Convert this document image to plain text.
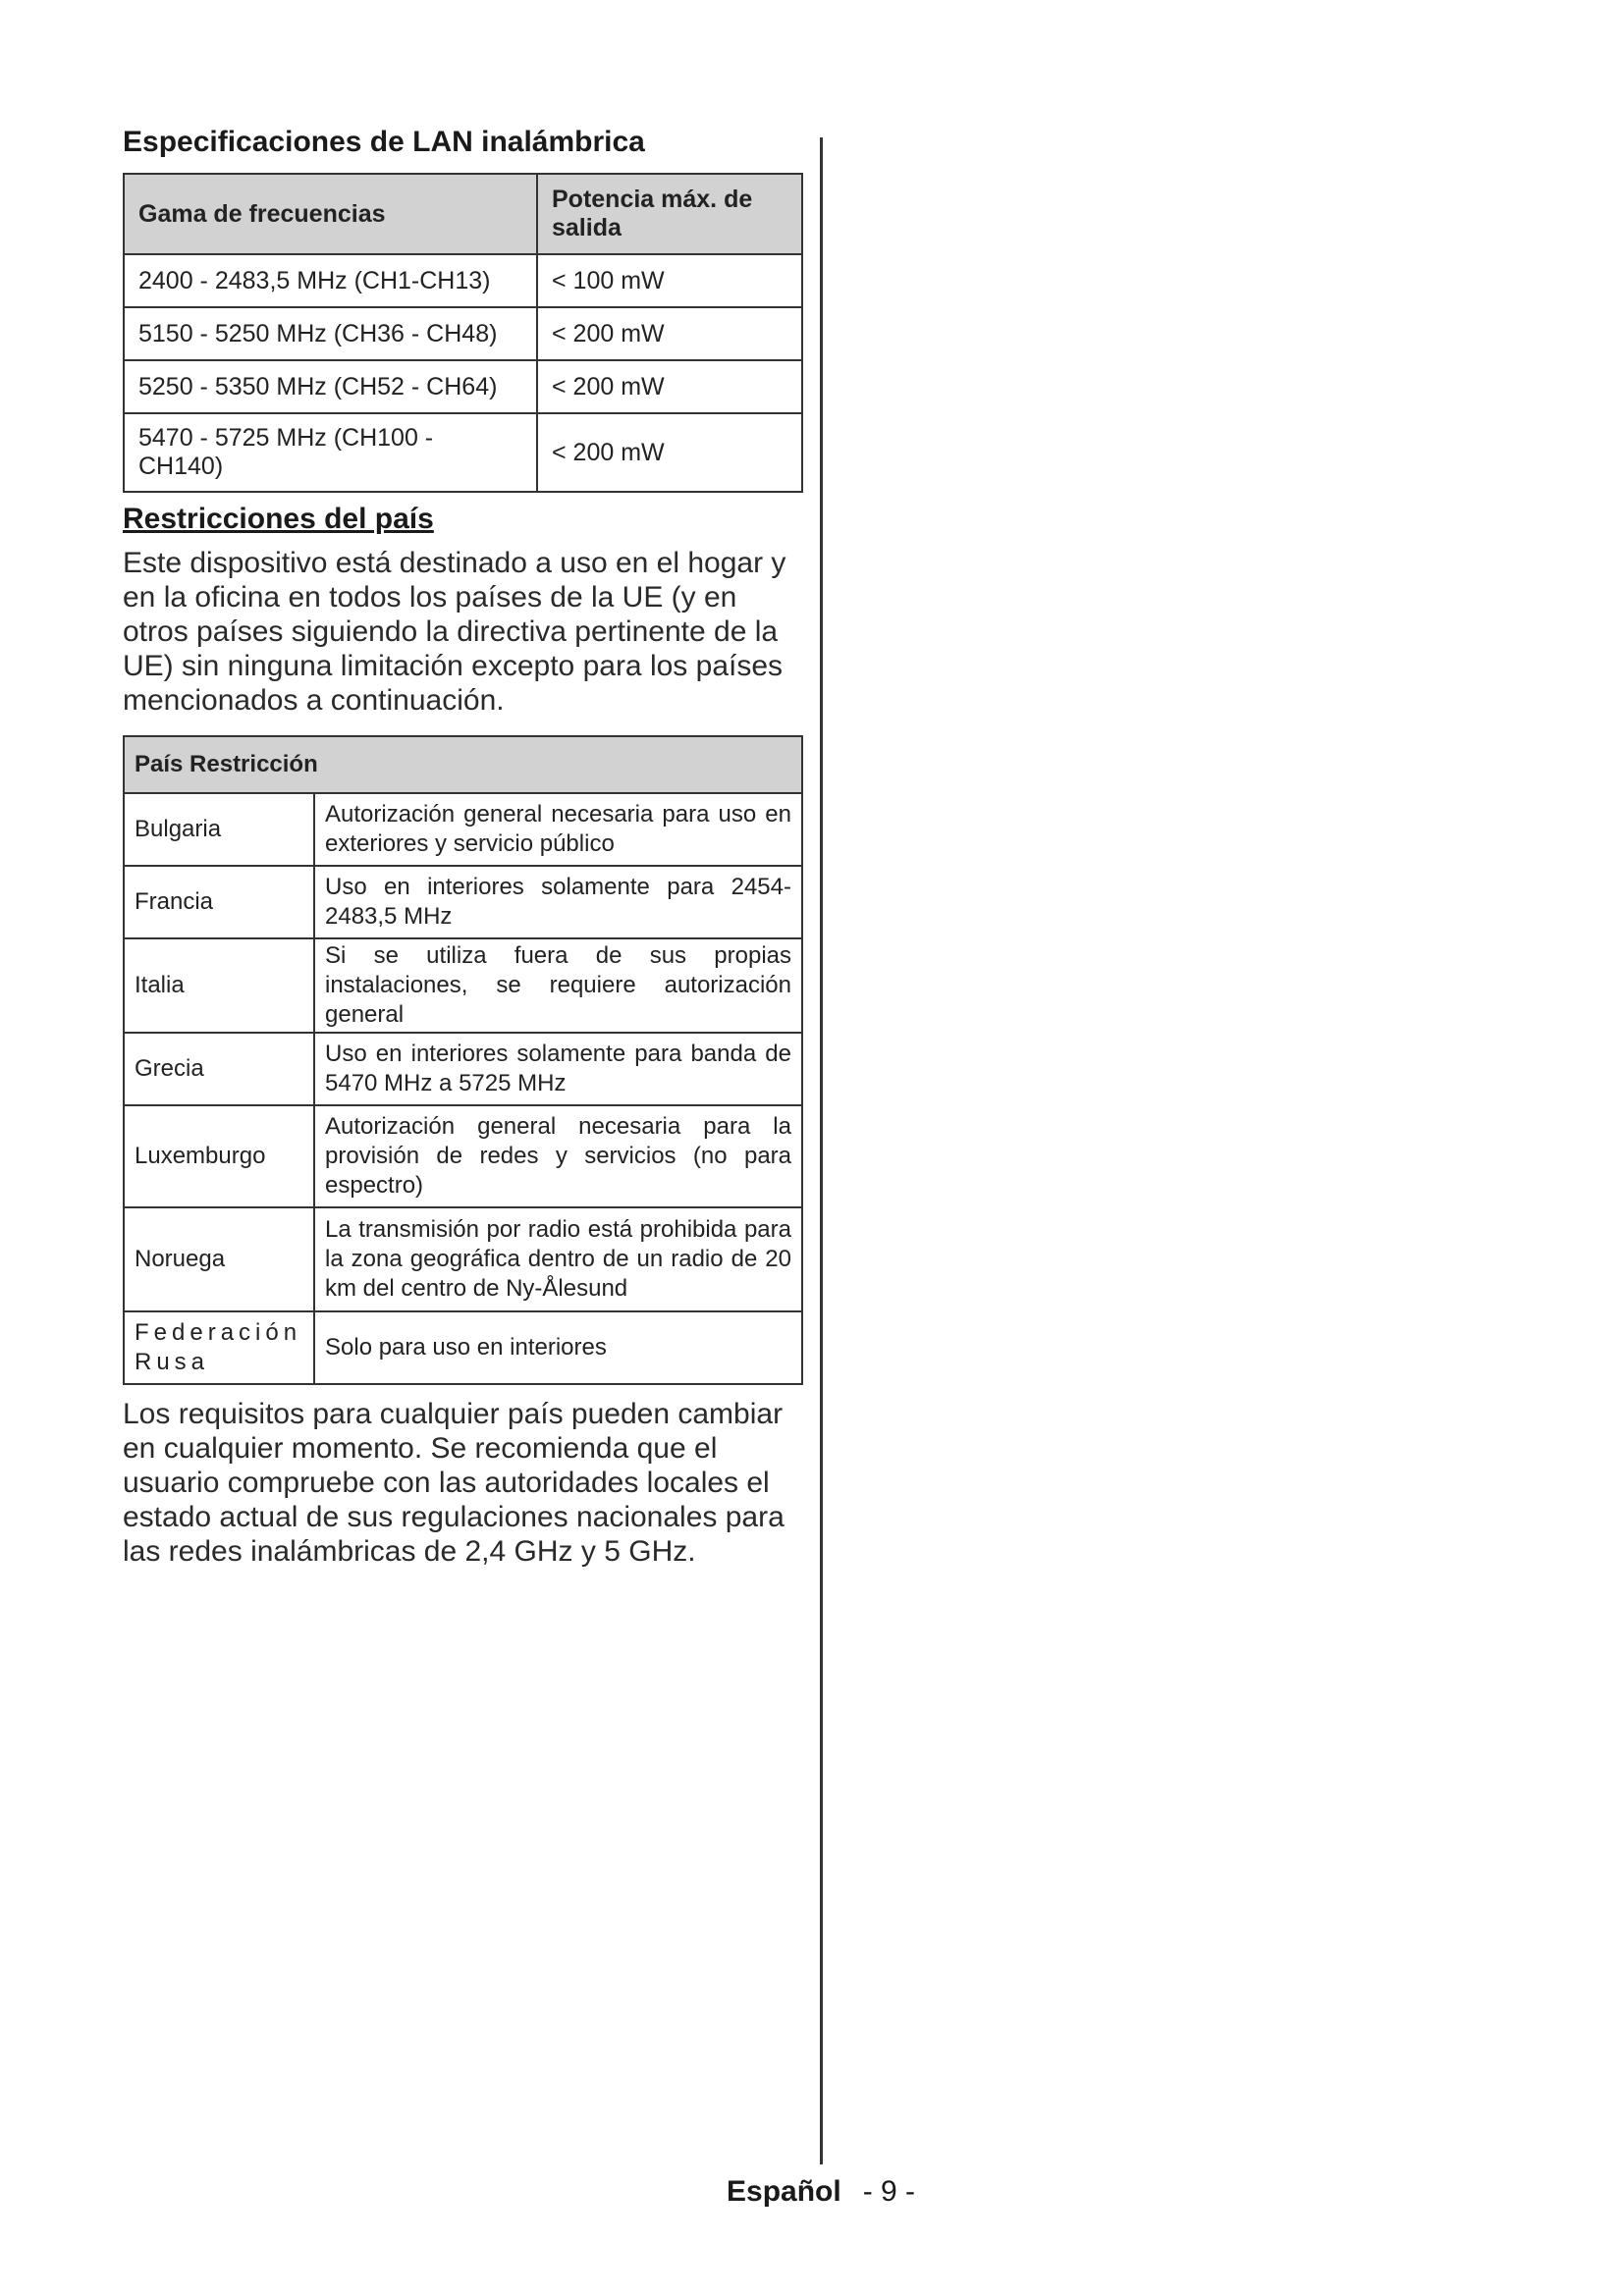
Especificaciones de LAN inalámbrica
Gama de frecuencias	Potencia máx. de salida
2400 - 2483,5 MHz (CH1-CH13)	< 100 mW
5150 - 5250 MHz (CH36 - CH48)	< 200 mW
5250 - 5350 MHz (CH52 - CH64)	< 200 mW
5470 - 5725 MHz (CH100 - CH140)	< 200 mW
Restricciones del país

Este dispositivo está destinado a uso en el hogar y en la oficina en todos los países de la UE (y en otros países siguiendo la directiva pertinente de la UE) sin ninguna limitación excepto para los países mencionados a continuación.

País Restricción	
Bulgaria	Autorización general necesaria para uso en exteriores y servicio público
Francia	Uso en interiores solamente para 2454-2483,5 MHz
Italia	Si se utiliza fuera de sus propias instalaciones, se requiere autorización general
Grecia	Uso en interiores solamente para banda de 5470 MHz a 5725 MHz
Luxemburgo	Autorización general necesaria para la provisión de redes y servicios (no para espectro)
Noruega	La transmisión por radio está prohibida para la zona geográfica dentro de un radio de 20 km del centro de Ny-Ålesund
Federación Rusa	Solo para uso en interiores

Los requisitos para cualquier país pueden cambiar en cualquier momento. Se recomienda que el usuario compruebe con las autoridades locales el estado actual de sus regulaciones nacionales para las redes inalámbricas de 2,4 GHz y 5 GHz.

Español - 9 -
